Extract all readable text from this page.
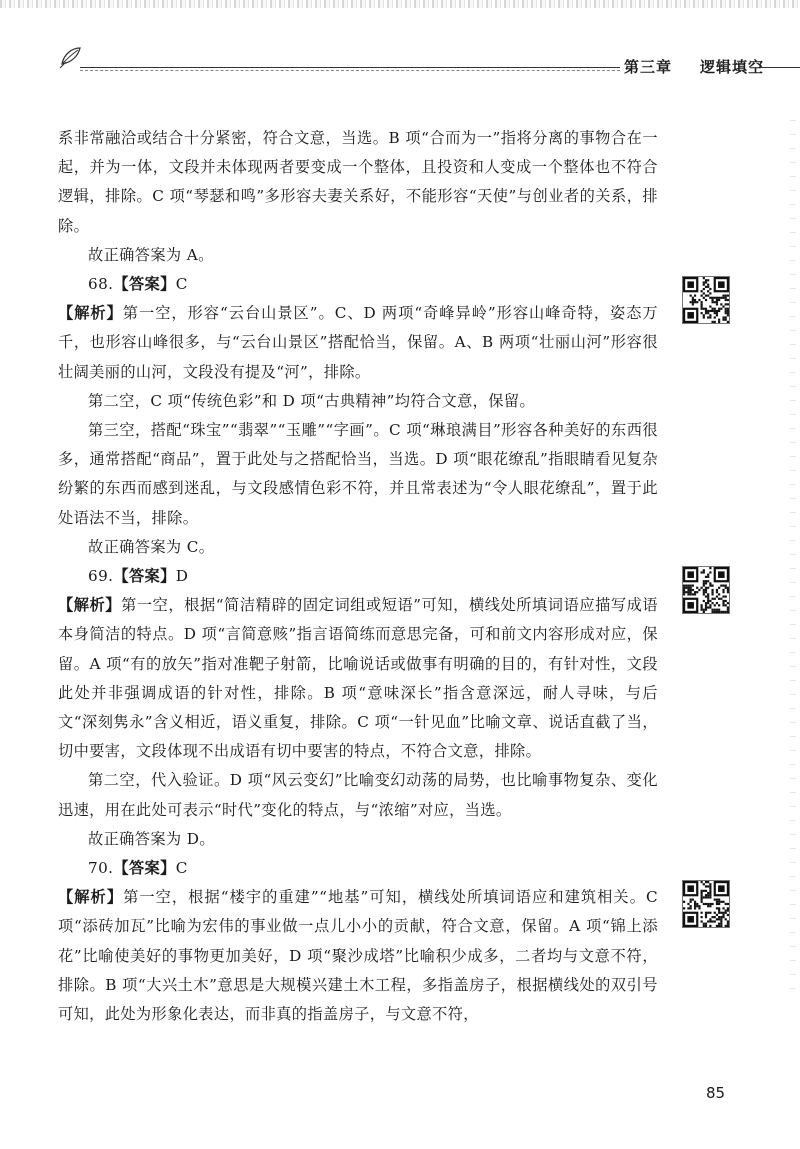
第三章 逻辑填空

系非常融洽或结合十分紧密，符合文意，当选。B 项“合而为一”指将分离的事物合在一起，并为一体，文段并未体现两者要变成一个整体，且投资和人变成一个整体也不符合逻辑，排除。C 项“琴瑟和鸣”多形容夫妻关系好，不能形容“天使”与创业者的关系，排除。

故正确答案为 A。

68.【答案】C

【解析】第一空，形容“云台山景区”。C、D 两项“奇峰异岭”形容山峰奇特，姿态万千，也形容山峰很多，与“云台山景区”搭配恰当，保留。A、B 两项“壮丽山河”形容很壮阔美丽的山河，文段没有提及“河”，排除。

第二空，C 项“传统色彩”和 D 项“古典精神”均符合文意，保留。

第三空，搭配“珠宝”“翡翠”“玉雕”“字画”。C 项“琳琅满目”形容各种美好的东西很多，通常搭配“商品”，置于此处与之搭配恰当，当选。D 项“眼花缭乱”指眼睛看见复杂纷繁的东西而感到迷乱，与文段感情色彩不符，并且常表述为“令人眼花缭乱”，置于此处语法不当，排除。

故正确答案为 C。

69.【答案】D

【解析】第一空，根据“简洁精辟的固定词组或短语”可知，横线处所填词语应描写成语本身简洁的特点。D 项“言简意赅”指言语简练而意思完备，可和前文内容形成对应，保留。A 项“有的放矢”指对准靶子射箭，比喻说话或做事有明确的目的，有针对性，文段此处并非强调成语的针对性，排除。B 项“意味深长”指含意深远，耐人寻味，与后文“深刻隽永”含义相近，语义重复，排除。C 项“一针见血”比喻文章、说话直截了当，切中要害，文段体现不出成语有切中要害的特点，不符合文意，排除。

第二空，代入验证。D 项“风云变幻”比喻变幻动荡的局势，也比喻事物复杂、变化迅速，用在此处可表示“时代”变化的特点，与“浓缩”对应，当选。

故正确答案为 D。

70.【答案】C

【解析】第一空，根据“楼宇的重建”“地基”可知，横线处所填词语应和建筑相关。C 项“添砖加瓦”比喻为宏伟的事业做一点儿小小的贡献，符合文意，保留。A 项“锦上添花”比喻使美好的事物更加美好，D 项“聚沙成塔”比喻积少成多，二者均与文意不符，排除。B 项“大兴土木”意思是大规模兴建土木工程，多指盖房子，根据横线处的双引号可知，此处为形象化表达，而非真的指盖房子，与文意不符，

85
